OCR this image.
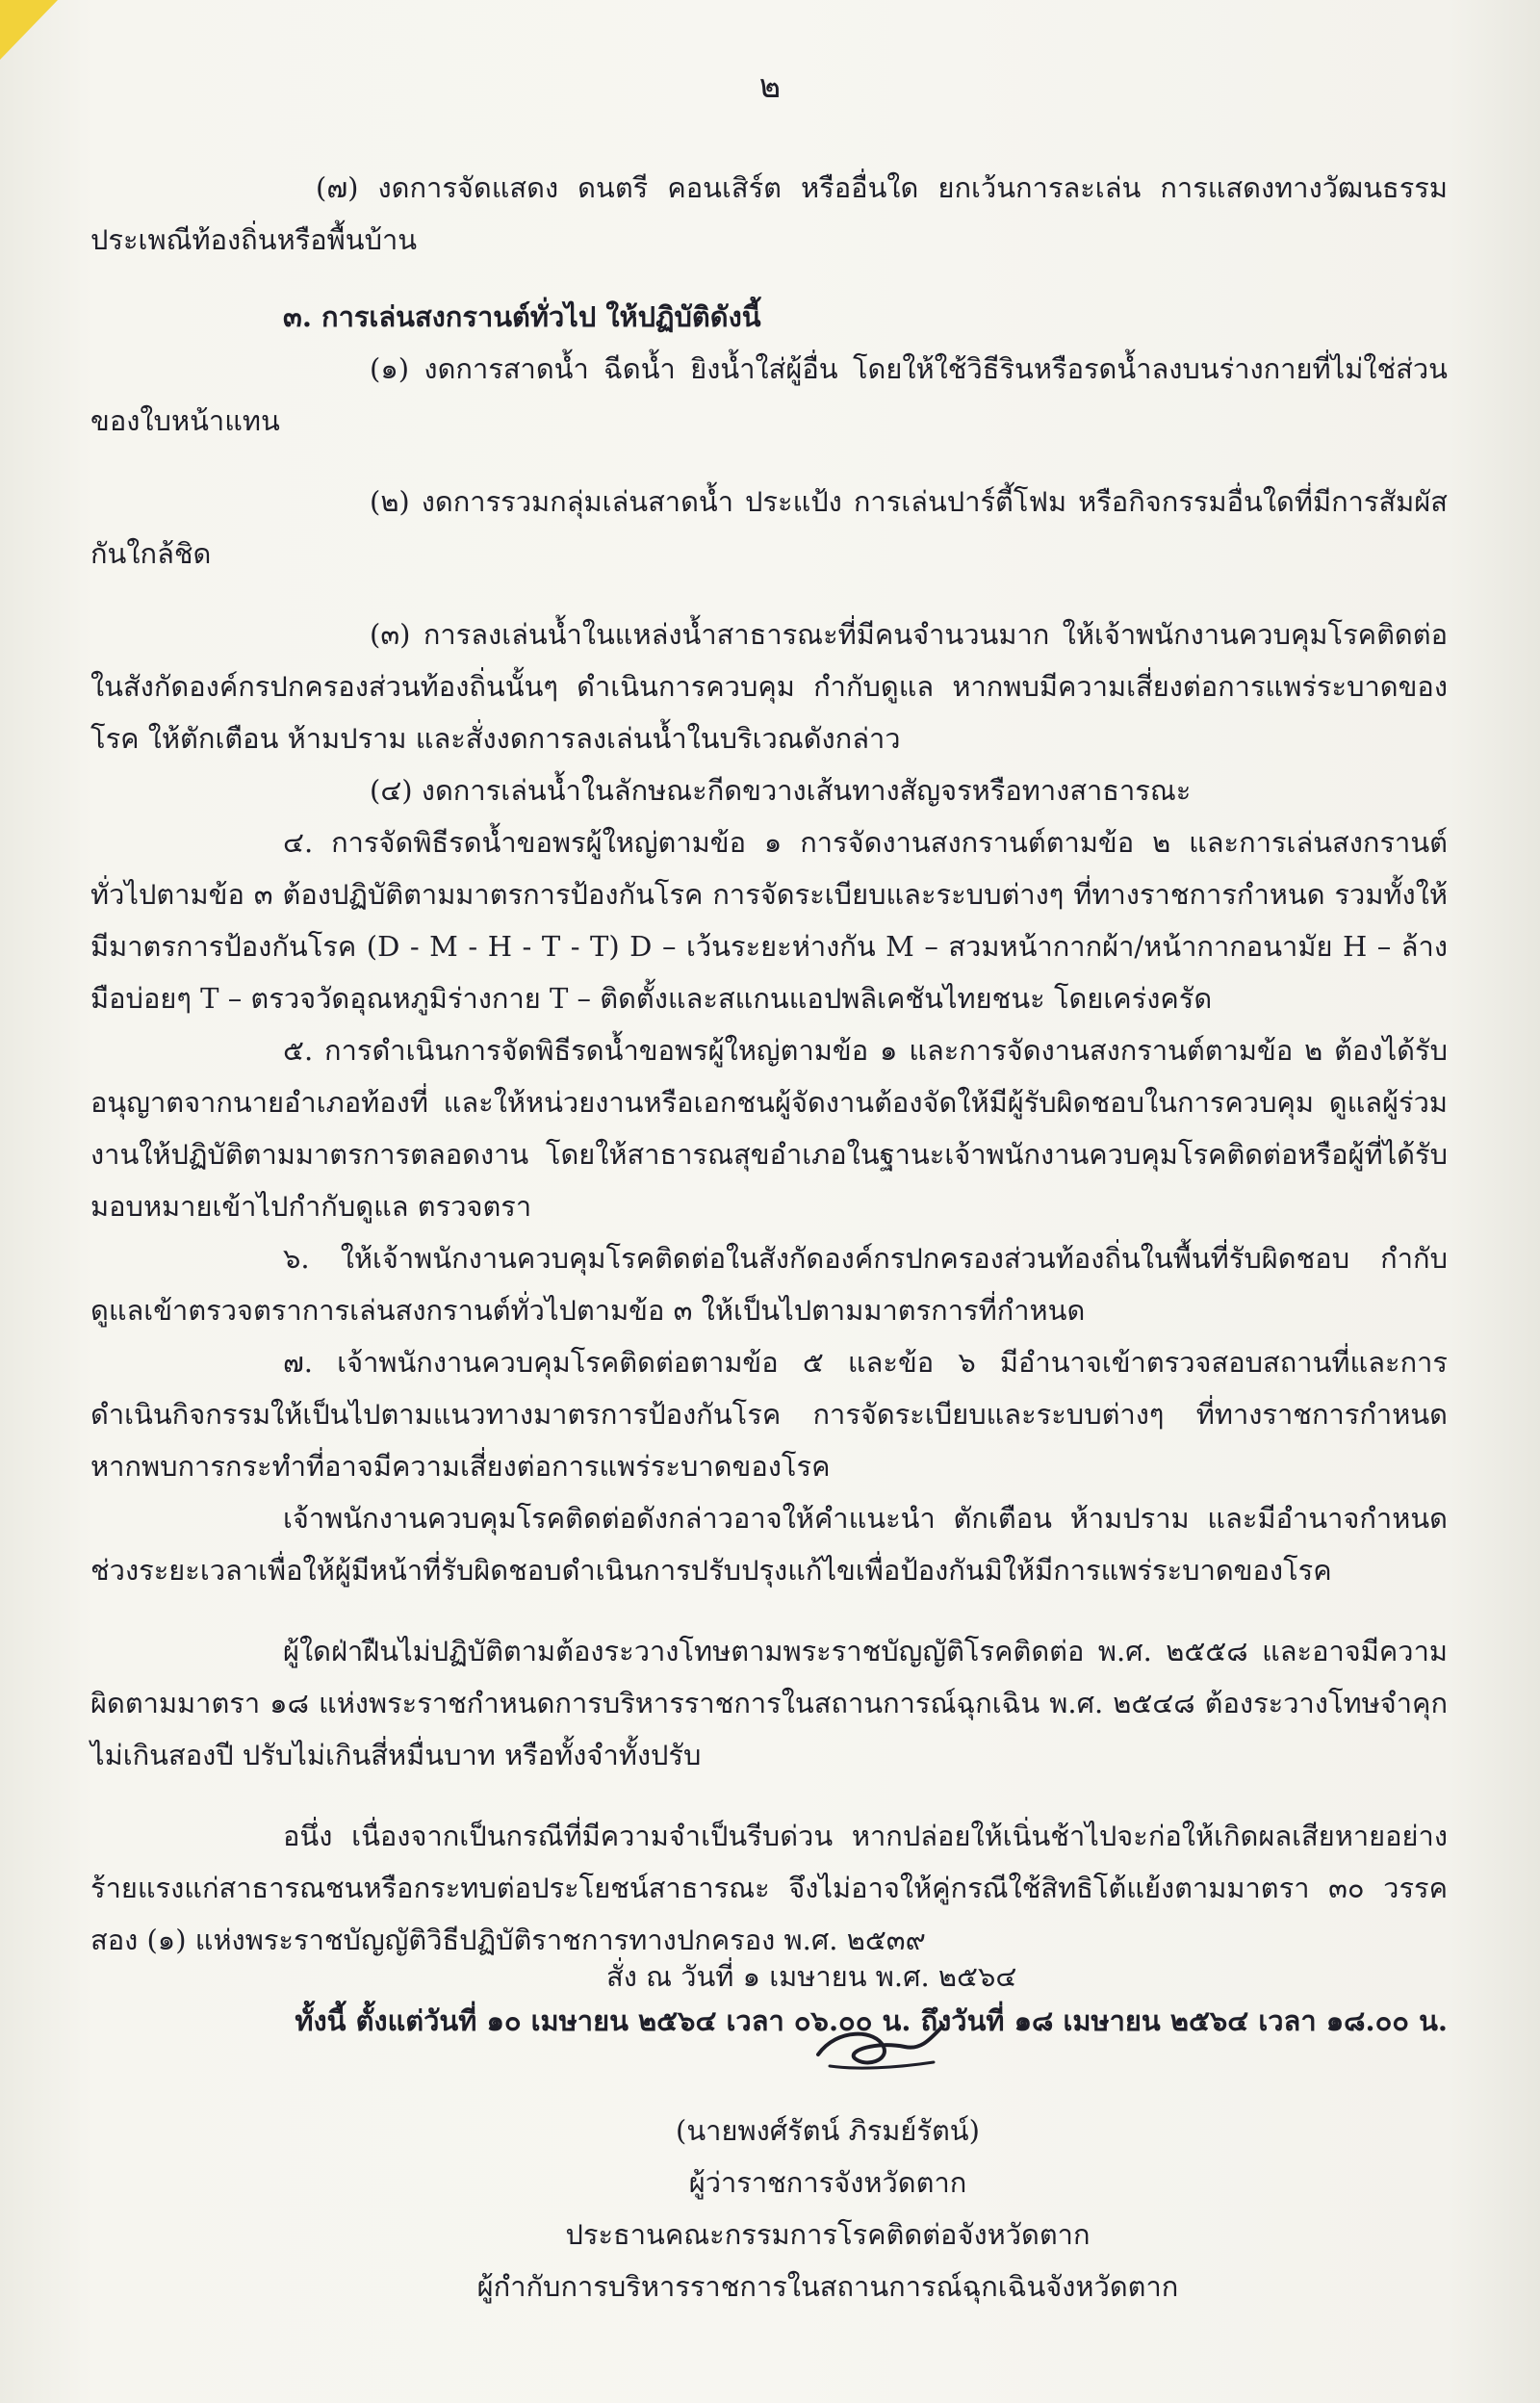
๒

(๗) งดการจัดแสดง ดนตรี คอนเสิร์ต หรืออื่นใด ยกเว้นการละเล่น การแสดงทางวัฒนธรรม ประเพณีท้องถิ่นหรือพื้นบ้าน

๓. การเล่นสงกรานต์ทั่วไป ให้ปฏิบัติดังนี้

(๑) งดการสาดน้ำ ฉีดน้ำ ยิงน้ำใส่ผู้อื่น โดยให้ใช้วิธีรินหรือรดน้ำลงบนร่างกายที่ไม่ใช่ส่วนของใบหน้าแทน

(๒) งดการรวมกลุ่มเล่นสาดน้ำ ประแป้ง การเล่นปาร์ตี้โฟม หรือกิจกรรมอื่นใดที่มีการสัมผัสกันใกล้ชิด

(๓) การลงเล่นน้ำในแหล่งน้ำสาธารณะที่มีคนจำนวนมาก ให้เจ้าพนักงานควบคุมโรคติดต่อในสังกัดองค์กรปกครองส่วนท้องถิ่นนั้นๆ ดำเนินการควบคุม กำกับดูแล หากพบมีความเสี่ยงต่อการแพร่ระบาดของโรค ให้ตักเตือน ห้ามปราม และสั่งงดการลงเล่นน้ำในบริเวณดังกล่าว

(๔) งดการเล่นน้ำในลักษณะกีดขวางเส้นทางสัญจรหรือทางสาธารณะ

๔. การจัดพิธีรดน้ำขอพรผู้ใหญ่ตามข้อ ๑ การจัดงานสงกรานต์ตามข้อ ๒ และการเล่นสงกรานต์ทั่วไปตามข้อ ๓ ต้องปฏิบัติตามมาตรการป้องกันโรค การจัดระเบียบและระบบต่างๆ ที่ทางราชการกำหนด รวมทั้งให้มีมาตรการป้องกันโรค (D - M - H - T - T) D – เว้นระยะห่างกัน M – สวมหน้ากากผ้า/หน้ากากอนามัย H – ล้างมือบ่อยๆ T – ตรวจวัดอุณหภูมิร่างกาย T – ติดตั้งและสแกนแอปพลิเคชันไทยชนะ โดยเคร่งครัด

๕. การดำเนินการจัดพิธีรดน้ำขอพรผู้ใหญ่ตามข้อ ๑ และการจัดงานสงกรานต์ตามข้อ ๒ ต้องได้รับอนุญาตจากนายอำเภอท้องที่ และให้หน่วยงานหรือเอกชนผู้จัดงานต้องจัดให้มีผู้รับผิดชอบในการควบคุม ดูแลผู้ร่วมงานให้ปฏิบัติตามมาตรการตลอดงาน โดยให้สาธารณสุขอำเภอในฐานะเจ้าพนักงานควบคุมโรคติดต่อหรือผู้ที่ได้รับมอบหมายเข้าไปกำกับดูแล ตรวจตรา

๖. ให้เจ้าพนักงานควบคุมโรคติดต่อในสังกัดองค์กรปกครองส่วนท้องถิ่นในพื้นที่รับผิดชอบ กำกับดูแลเข้าตรวจตราการเล่นสงกรานต์ทั่วไปตามข้อ ๓ ให้เป็นไปตามมาตรการที่กำหนด

๗. เจ้าพนักงานควบคุมโรคติดต่อตามข้อ ๕ และข้อ ๖ มีอำนาจเข้าตรวจสอบสถานที่และการดำเนินกิจกรรมให้เป็นไปตามแนวทางมาตรการป้องกันโรค การจัดระเบียบและระบบต่างๆ ที่ทางราชการกำหนด หากพบการกระทำที่อาจมีความเสี่ยงต่อการแพร่ระบาดของโรค

เจ้าพนักงานควบคุมโรคติดต่อดังกล่าวอาจให้คำแนะนำ ตักเตือน ห้ามปราม และมีอำนาจกำหนดช่วงระยะเวลาเพื่อให้ผู้มีหน้าที่รับผิดชอบดำเนินการปรับปรุงแก้ไขเพื่อป้องกันมิให้มีการแพร่ระบาดของโรค

ผู้ใดฝ่าฝืนไม่ปฏิบัติตามต้องระวางโทษตามพระราชบัญญัติโรคติดต่อ พ.ศ. ๒๕๕๘ และอาจมีความผิดตามมาตรา ๑๘ แห่งพระราชกำหนดการบริหารราชการในสถานการณ์ฉุกเฉิน พ.ศ. ๒๕๔๘ ต้องระวางโทษจำคุกไม่เกินสองปี ปรับไม่เกินสี่หมื่นบาท หรือทั้งจำทั้งปรับ

อนึ่ง เนื่องจากเป็นกรณีที่มีความจำเป็นรีบด่วน หากปล่อยให้เนิ่นช้าไปจะก่อให้เกิดผลเสียหายอย่างร้ายแรงแก่สาธารณชนหรือกระทบต่อประโยชน์สาธารณะ จึงไม่อาจให้คู่กรณีใช้สิทธิโต้แย้งตามมาตรา ๓๐ วรรคสอง (๑) แห่งพระราชบัญญัติวิธีปฏิบัติราชการทางปกครอง พ.ศ. ๒๕๓๙

ทั้งนี้ ตั้งแต่วันที่ ๑๐ เมษายน ๒๕๖๔ เวลา ๐๖.๐๐ น. ถึงวันที่ ๑๘ เมษายน ๒๕๖๔ เวลา ๑๘.๐๐ น.
สั่ง ณ วันที่ ๑ เมษายน พ.ศ. ๒๕๖๔
(นายพงศ์รัตน์ ภิรมย์รัตน์)
ผู้ว่าราชการจังหวัดตาก
ประธานคณะกรรมการโรคติดต่อจังหวัดตาก
ผู้กำกับการบริหารราชการในสถานการณ์ฉุกเฉินจังหวัดตาก
